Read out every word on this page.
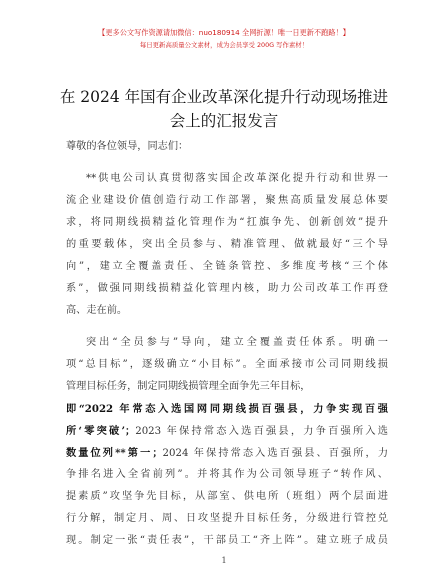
【更多公文写作资源请加微信：nuo180914 全网折源！唯一日更新不跑路！】
每日更新高质量公文素材，成为会员享受 200G 写作素材！
在 2024 年国有企业改革深化提升行动现场推进
会上的汇报发言
尊敬的各位领导，同志们：
**供电公司认真贯彻落实国企改革深化提升行动和世界一
流企业建设价值创造行动工作部署，聚焦高质量发展总体要
求，将同期线损精益化管理作为“扛旗争先、创新创效”提升
的重要载体，突出全员参与、精准管理、做就最好“三个导
向”，建立全覆盖责任、全链条管控、多维度考核“三个体
系”，做强同期线损精益化管理内核，助力公司改革工作再登
高、走在前。
突出“全员参与”导向，建立全覆盖责任体系。明确一
项“总目标”，逐级确立“小目标”。全面承接市公司同期线损
管理目标任务，制定同期线损管理全面争先三年目标，
即“2022 年常态入选国网同期线损百强县，力争实现百强
所‘零突破’；2023 年保持常态入选百强县，力争百强所入选
数量位列**第一；2024 年保持常态入选百强县、百强所，力
争排名进入全省前列”。并将其作为公司领导班子“转作风、
提素质”攻坚争先目标，从部室、供电所（班组）两个层面进
行分解，制定月、周、日攻坚提升目标任务，分级进行管控兑
现。制定一张“责任表”，干部员工“齐上阵”。建立班子成员
1
